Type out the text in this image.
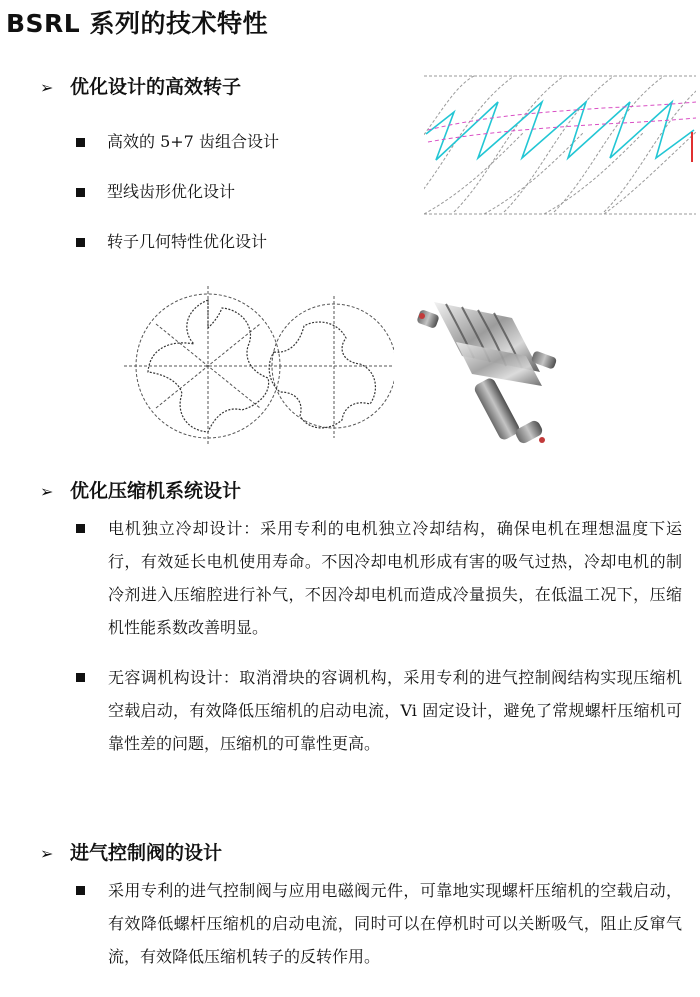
BSRL 系列的技术特性
➢ 优化设计的高效转子
高效的 5+7 齿组合设计
型线齿形优化设计
转子几何特性优化设计
➢ 优化压缩机系统设计
电机独立冷却设计：采用专利的电机独立冷却结构，确保电机在理想温度下运行，有效延长电机使用寿命。不因冷却电机形成有害的吸气过热，冷却电机的制冷剂进入压缩腔进行补气，不因冷却电机而造成冷量损失，在低温工况下，压缩机性能系数改善明显。
无容调机构设计：取消滑块的容调机构，采用专利的进气控制阀结构实现压缩机空载启动，有效降低压缩机的启动电流，Vi 固定设计，避免了常规螺杆压缩机可靠性差的问题，压缩机的可靠性更高。
➢ 进气控制阀的设计
采用专利的进气控制阀与应用电磁阀元件，可靠地实现螺杆压缩机的空载启动，有效降低螺杆压缩机的启动电流，同时可以在停机时可以关断吸气，阻止反窜气流，有效降低压缩机转子的反转作用。
